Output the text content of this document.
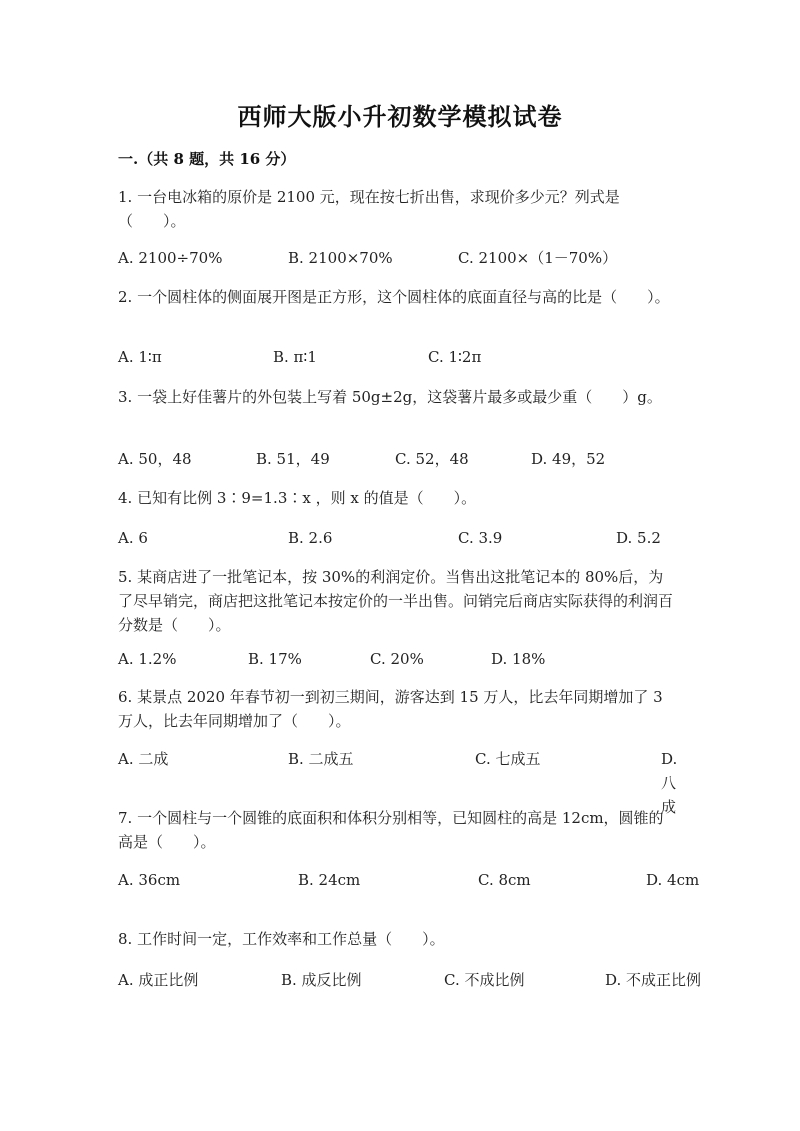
西师大版小升初数学模拟试卷
一.（共 8 题，共 16 分）
1. 一台电冰箱的原价是 2100 元，现在按七折出售，求现价多少元？列式是（　　）。
A. 2100÷70%	B. 2100×70%	C. 2100×（1－70%）
2. 一个圆柱体的侧面展开图是正方形，这个圆柱体的底面直径与高的比是（　　）。
A. 1∶π	B. π∶1	C. 1∶2π
3. 一袋上好佳薯片的外包装上写着 50g±2g，这袋薯片最多或最少重（　　）g。
A. 50，48	B. 51，49	C. 52，48	D. 49，52
4. 已知有比例 3∶9=1.3∶x ，则 x 的值是（　　）。
A. 6	B. 2.6	C. 3.9	D. 5.2
5. 某商店进了一批笔记本，按 30%的利润定价。当售出这批笔记本的 80%后，为了尽早销完，商店把这批笔记本按定价的一半出售。问销完后商店实际获得的利润百分数是（　　）。
A. 1.2%	B. 17%	C. 20%	D. 18%
6. 某景点 2020 年春节初一到初三期间，游客达到 15 万人，比去年同期增加了 3 万人，比去年同期增加了（　　）。
A. 二成	B. 二成五	C. 七成五	D. 八成
7. 一个圆柱与一个圆锥的底面积和体积分别相等，已知圆柱的高是 12cm，圆锥的高是（　　）。
A. 36cm	B. 24cm	C. 8cm	D. 4cm
8. 工作时间一定，工作效率和工作总量（　　）。
A. 成正比例	B. 成反比例	C. 不成比例	D. 不成正比例
